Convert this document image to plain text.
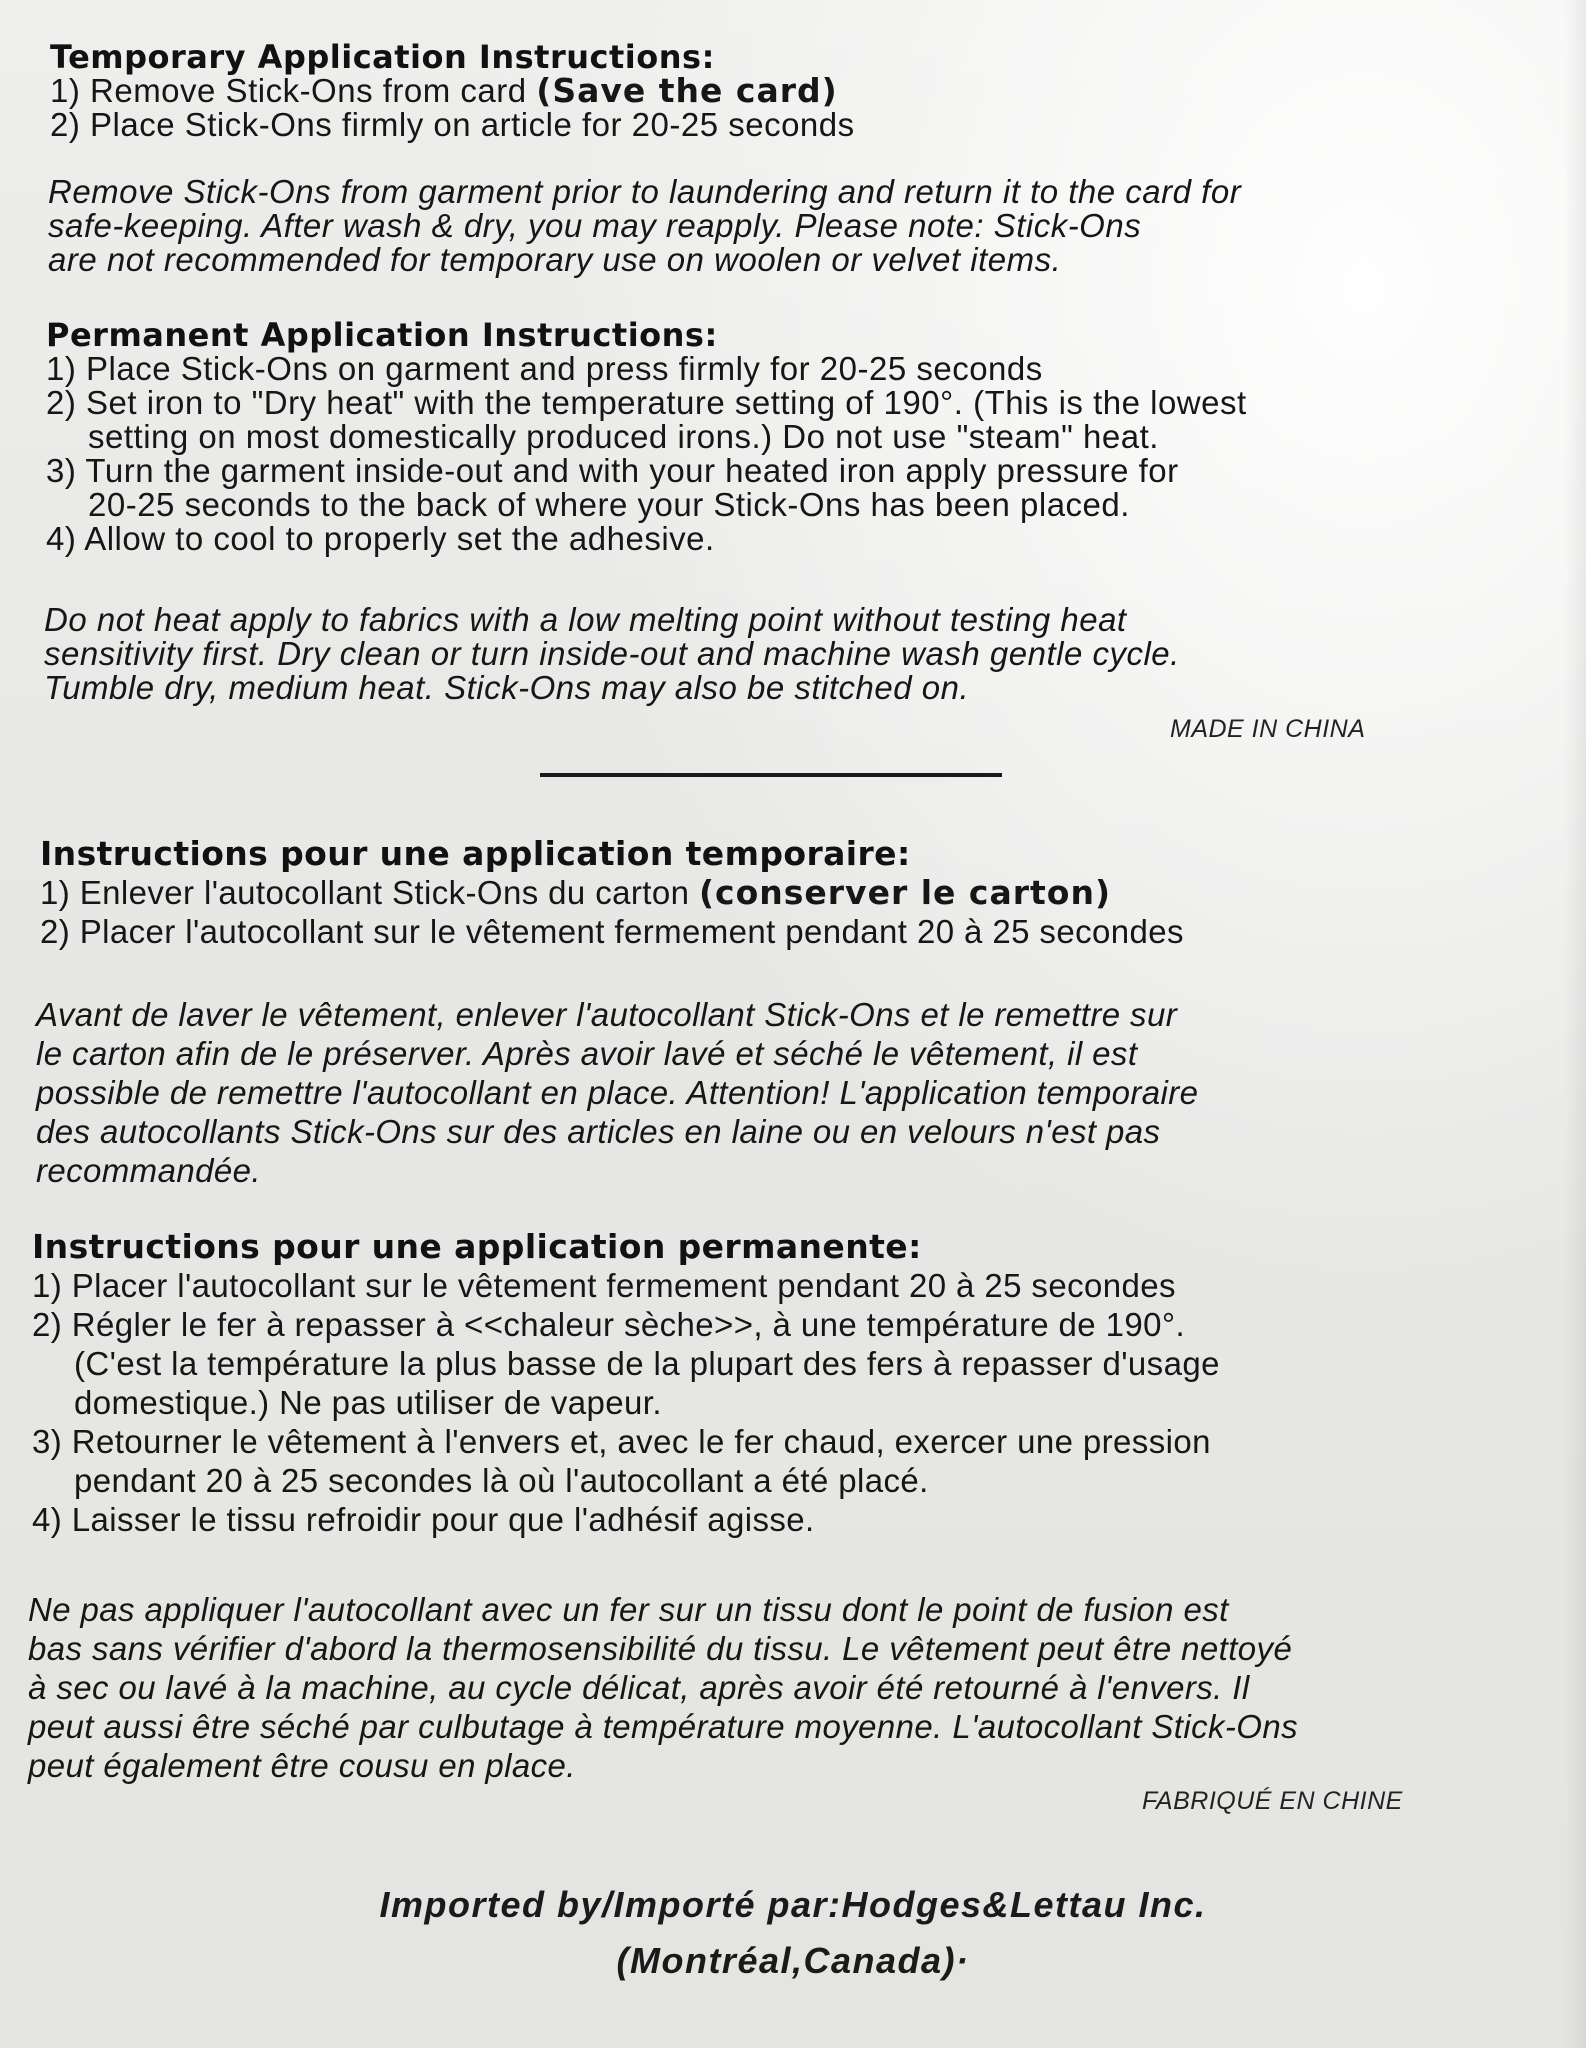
Temporary Application Instructions:
1) Remove Stick-Ons from card (Save the card)
2) Place Stick-Ons firmly on article for 20-25 seconds
Remove Stick-Ons from garment prior to laundering and return it to the card for
safe-keeping. After wash & dry, you may reapply. Please note: Stick-Ons
are not recommended for temporary use on woolen or velvet items.
Permanent Application Instructions:
1) Place Stick-Ons on garment and press firmly for 20-25 seconds
2) Set iron to "Dry heat" with the temperature setting of 190°. (This is the lowest
setting on most domestically produced irons.) Do not use "steam" heat.
3) Turn the garment inside-out and with your heated iron apply pressure for
20-25 seconds to the back of where your Stick-Ons has been placed.
4) Allow to cool to properly set the adhesive.
Do not heat apply to fabrics with a low melting point without testing heat
sensitivity first. Dry clean or turn inside-out and machine wash gentle cycle.
Tumble dry, medium heat. Stick-Ons may also be stitched on.
MADE IN CHINA
Instructions pour une application temporaire:
1) Enlever l'autocollant Stick-Ons du carton (conserver le carton)
2) Placer l'autocollant sur le vêtement fermement pendant 20 à 25 secondes
Avant de laver le vêtement, enlever l'autocollant Stick-Ons et le remettre sur
le carton afin de le préserver. Après avoir lavé et séché le vêtement, il est
possible de remettre l'autocollant en place. Attention! L'application temporaire
des autocollants Stick-Ons sur des articles en laine ou en velours n'est pas
recommandée.
Instructions pour une application permanente:
1) Placer l'autocollant sur le vêtement fermement pendant 20 à 25 secondes
2) Régler le fer à repasser à <<chaleur sèche>>, à une température de 190°.
(C'est la température la plus basse de la plupart des fers à repasser d'usage
domestique.) Ne pas utiliser de vapeur.
3) Retourner le vêtement à l'envers et, avec le fer chaud, exercer une pression
pendant 20 à 25 secondes là où l'autocollant a été placé.
4) Laisser le tissu refroidir pour que l'adhésif agisse.
Ne pas appliquer l'autocollant avec un fer sur un tissu dont le point de fusion est
bas sans vérifier d'abord la thermosensibilité du tissu. Le vêtement peut être nettoyé
à sec ou lavé à la machine, au cycle délicat, après avoir été retourné à l'envers. Il
peut aussi être séché par culbutage à température moyenne. L'autocollant Stick-Ons
peut également être cousu en place.
FABRIQUÉ EN CHINE
Imported by/Importé par:Hodges&Lettau Inc.
(Montréal,Canada)·
